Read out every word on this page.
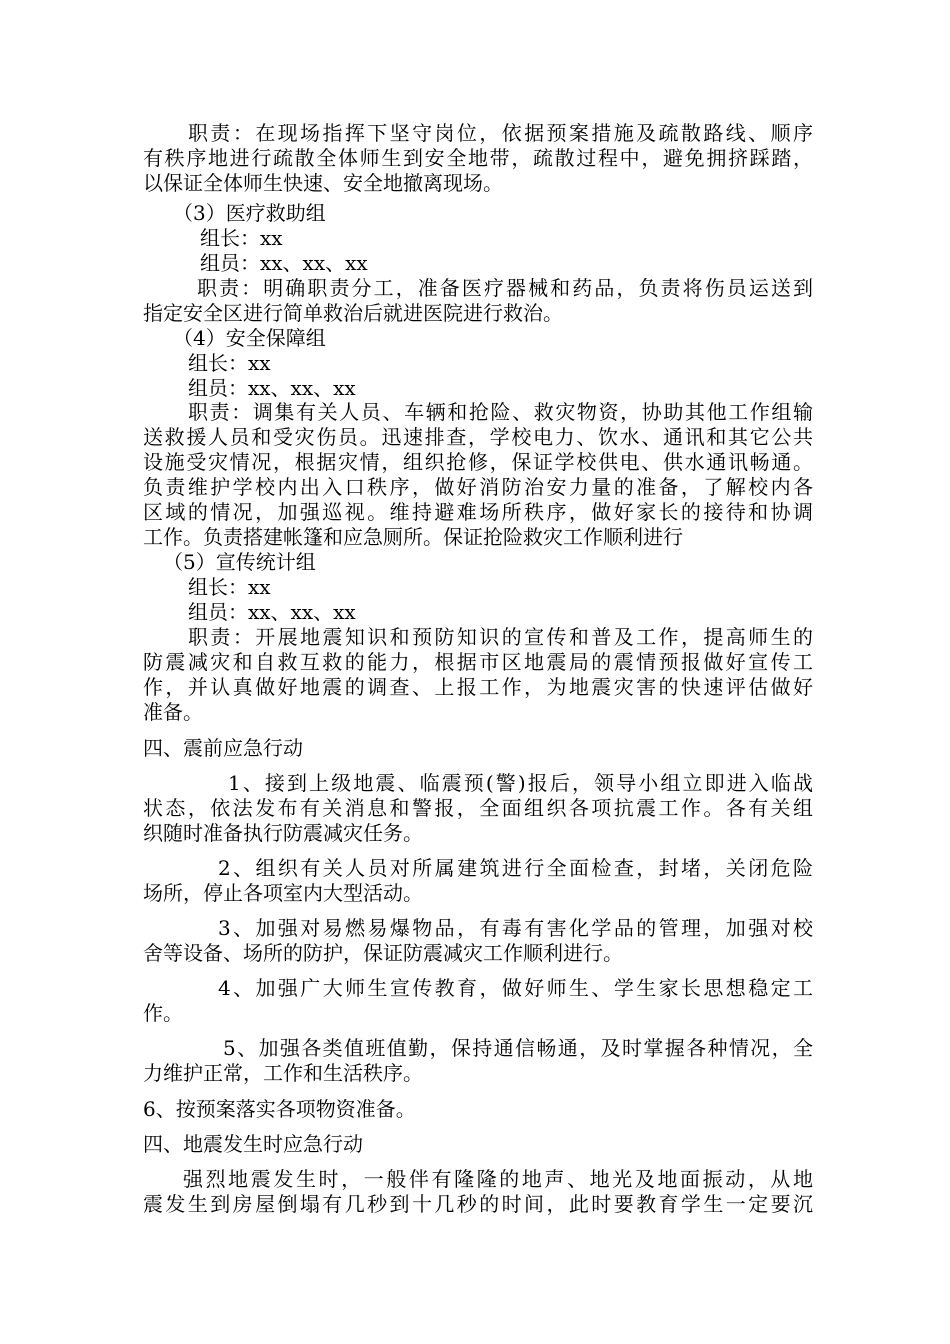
职责：在现场指挥下坚守岗位，依据预案措施及疏散路线、顺序
有秩序地进行疏散全体师生到安全地带，疏散过程中，避免拥挤踩踏，
以保证全体师生快速、安全地撤离现场。
（3）医疗救助组
组长：xx
组员：xx、xx、xx
职责：明确职责分工，准备医疗器械和药品，负责将伤员运送到
指定安全区进行简单救治后就进医院进行救治。
（4）安全保障组
组长：xx
组员：xx、xx、xx
职责：调集有关人员、车辆和抢险、救灾物资，协助其他工作组输
送救援人员和受灾伤员。迅速排查，学校电力、饮水、通讯和其它公共
设施受灾情况，根据灾情，组织抢修，保证学校供电、供水通讯畅通。
负责维护学校内出入口秩序，做好消防治安力量的准备，了解校内各
区域的情况，加强巡视。维持避难场所秩序，做好家长的接待和协调
工作。负责搭建帐篷和应急厕所。保证抢险救灾工作顺利进行
（5）宣传统计组
组长：xx
组员：xx、xx、xx
职责：开展地震知识和预防知识的宣传和普及工作，提高师生的
防震减灾和自救互救的能力，根据市区地震局的震情预报做好宣传工
作，并认真做好地震的调查、上报工作，为地震灾害的快速评估做好
准备。
四、震前应急行动
1、接到上级地震、临震预(警)报后，领导小组立即进入临战
状态，依法发布有关消息和警报，全面组织各项抗震工作。各有关组
织随时准备执行防震减灾任务。
2、组织有关人员对所属建筑进行全面检查，封堵，关闭危险
场所，停止各项室内大型活动。
3、加强对易燃易爆物品，有毒有害化学品的管理，加强对校
舍等设备、场所的防护，保证防震减灾工作顺利进行。
4、加强广大师生宣传教育，做好师生、学生家长思想稳定工
作。
5、加强各类值班值勤，保持通信畅通，及时掌握各种情况，全
力维护正常，工作和生活秩序。
6、按预案落实各项物资准备。
四、地震发生时应急行动
强烈地震发生时，一般伴有隆隆的地声、地光及地面振动，从地
震发生到房屋倒塌有几秒到十几秒的时间，此时要教育学生一定要沉
